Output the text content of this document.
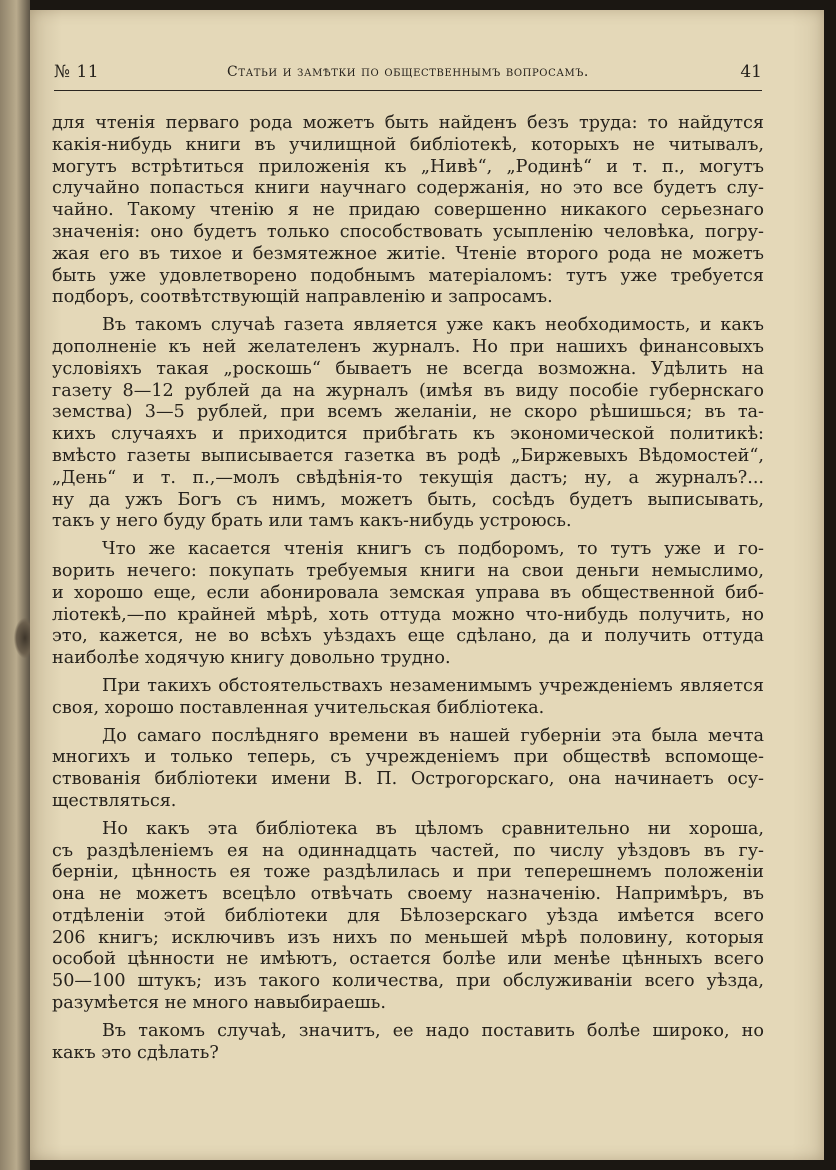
№ 11	Статьи и замѣтки по общественнымъ вопросамъ.	41
для чтенія перваго рода можетъ быть найденъ безъ труда: то найдутся
какія-нибудь книги въ училищной библіотекѣ, которыхъ не читывалъ,
могутъ встрѣтиться приложенія къ „Нивѣ“, „Родинѣ“ и т. п., могутъ
случайно попасться книги научнаго содержанія, но это все будетъ слу-
чайно. Такому чтенію я не придаю совершенно никакого серьезнаго
значенія: оно будетъ только способствовать усыпленію человѣка, погру-
жая его въ тихое и безмятежное житіе. Чтеніе второго рода не можетъ
быть уже удовлетворено подобнымъ матеріаломъ: тутъ уже требуется
подборъ, соотвѣтствующій направленію и запросамъ.
Въ такомъ случаѣ газета является уже какъ необходимость, и какъ
дополненіе къ ней желателенъ журналъ. Но при нашихъ финансовыхъ
условіяхъ такая „роскошь“ бываетъ не всегда возможна. Удѣлить на
газету 8—12 рублей да на журналъ (имѣя въ виду пособіе губернскаго
земства) 3—5 рублей, при всемъ желаніи, не скоро рѣшишься; въ та-
кихъ случаяхъ и приходится прибѣгать къ экономической политикѣ:
вмѣсто газеты выписывается газетка въ родѣ „Биржевыхъ Вѣдомостей“,
„День“ и т. п.,—молъ свѣдѣнія-то текущія дастъ; ну, а журналъ?...
ну да ужъ Богъ съ нимъ, можетъ быть, сосѣдъ будетъ выписывать,
такъ у него буду брать или тамъ какъ-нибудь устроюсь.
Что же касается чтенія книгъ съ подборомъ, то тутъ уже и го-
ворить нечего: покупать требуемыя книги на свои деньги немыслимо,
и хорошо еще, если абонировала земская управа въ общественной биб-
ліотекѣ,—по крайней мѣрѣ, хоть оттуда можно что-нибудь получить, но
это, кажется, не во всѣхъ уѣздахъ еще сдѣлано, да и получить оттуда
наиболѣе ходячую книгу довольно трудно.
При такихъ обстоятельствахъ незаменимымъ учрежденіемъ является
своя, хорошо поставленная учительская библіотека.
До самаго послѣдняго времени въ нашей губерніи эта была мечта
многихъ и только теперь, съ учрежденіемъ при обществѣ вспомоще-
ствованія библіотеки имени В. П. Острогорскаго, она начинаетъ осу-
ществляться.
Но какъ эта библіотека въ цѣломъ сравнительно ни хороша,
съ раздѣленіемъ ея на одиннадцать частей, по числу уѣздовъ въ гу-
берніи, цѣнность ея тоже раздѣлилась и при теперешнемъ положеніи
она не можетъ всецѣло отвѣчать своему назначенію. Напримѣръ, въ
отдѣленіи этой библіотеки для Бѣлозерскаго уѣзда имѣется всего
206 книгъ; исключивъ изъ нихъ по меньшей мѣрѣ половину, которыя
особой цѣнности не имѣютъ, остается болѣе или менѣе цѣнныхъ всего
50—100 штукъ; изъ такого количества, при обслуживаніи всего уѣзда,
разумѣется не много навыбираешь.
Въ такомъ случаѣ, значитъ, ее надо поставить болѣе широко, но
какъ это сдѣлать?
